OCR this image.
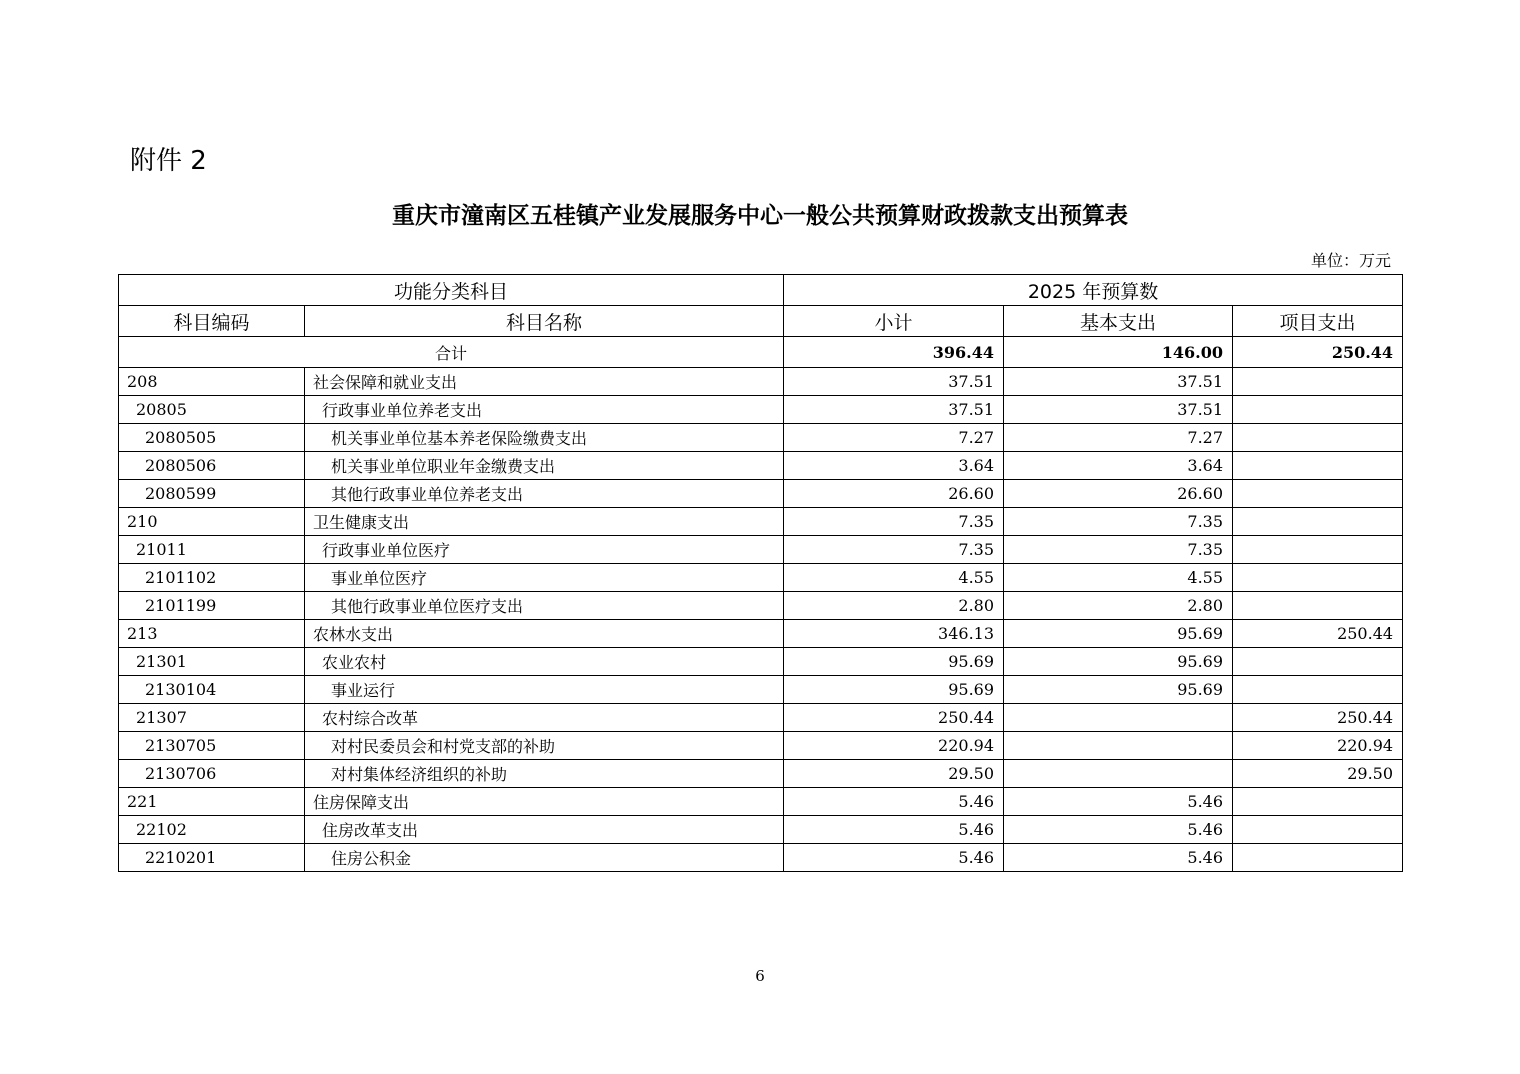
附件 2
重庆市潼南区五桂镇产业发展服务中心一般公共预算财政拨款支出预算表
单位：万元
功能分类科目		2025 年预算数		
科目编码	科目名称	小计	基本支出	项目支出
合计		396.44	146.00	250.44
208	社会保障和就业支出	37.51	37.51	
20805	行政事业单位养老支出	37.51	37.51	
2080505	机关事业单位基本养老保险缴费支出	7.27	7.27	
2080506	机关事业单位职业年金缴费支出	3.64	3.64	
2080599	其他行政事业单位养老支出	26.60	26.60	
210	卫生健康支出	7.35	7.35	
21011	行政事业单位医疗	7.35	7.35	
2101102	事业单位医疗	4.55	4.55	
2101199	其他行政事业单位医疗支出	2.80	2.80	
213	农林水支出	346.13	95.69	250.44
21301	农业农村	95.69	95.69	
2130104	事业运行	95.69	95.69	
21307	农村综合改革	250.44		250.44
2130705	对村民委员会和村党支部的补助	220.94		220.94
2130706	对村集体经济组织的补助	29.50		29.50
221	住房保障支出	5.46	5.46	
22102	住房改革支出	5.46	5.46	
2210201	住房公积金	5.46	5.46	
6
